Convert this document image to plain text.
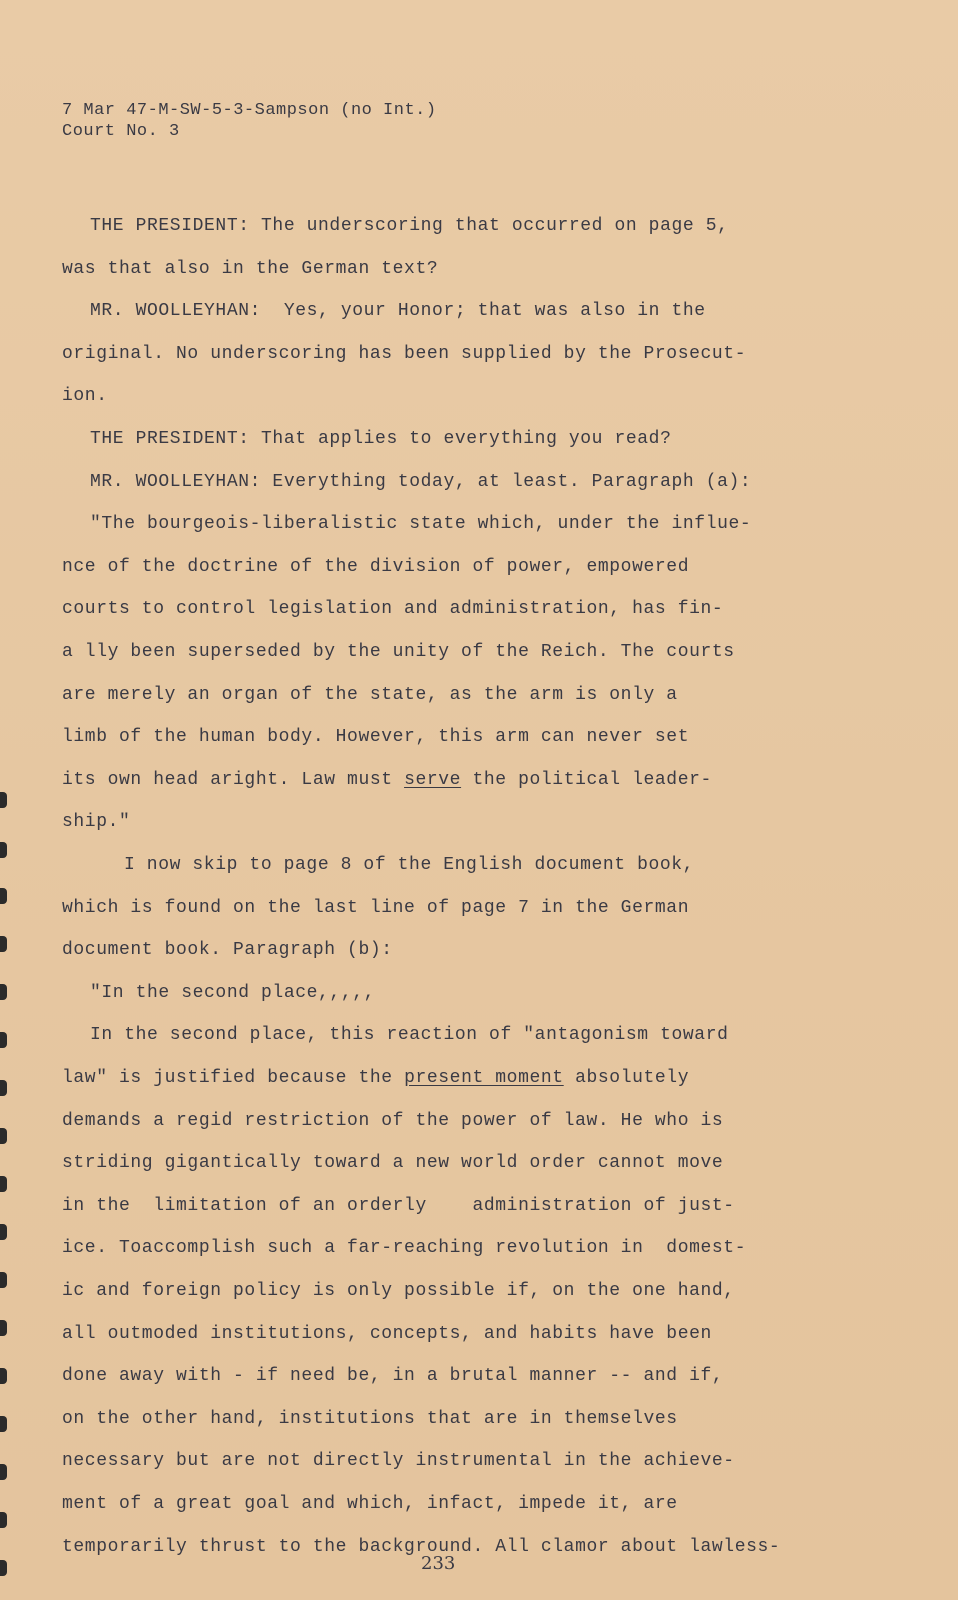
7 Mar 47-M-SW-5-3-Sampson (no Int.)
Court No. 3
THE PRESIDENT: The underscoring that occurred on page 5,
was that also in the German text?
MR. WOOLLEYHAN:  Yes, your Honor; that was also in the
original. No underscoring has been supplied by the Prosecut-
ion.
THE PRESIDENT: That applies to everything you read?
MR. WOOLLEYHAN: Everything today, at least. Paragraph (a):
"The bourgeois-liberalistic state which, under the influe-
nce of the doctrine of the division of power, empowered
courts to control legislation and administration, has fin-
a lly been superseded by the unity of the Reich. The courts
are merely an organ of the state, as the arm is only a
limb of the human body. However, this arm can never set
its own head aright. Law must serve the political leader-
ship."
I now skip to page 8 of the English document book,
which is found on the last line of page 7 in the German
document book. Paragraph (b):
"In the second place,,,,,
In the second place, this reaction of "antagonism toward
law" is justified because the present moment absolutely
demands a regid restriction of the power of law. He who is
striding gigantically toward a new world order cannot move
in the  limitation of an orderly    administration of just-
ice. Toaccomplish such a far-reaching revolution in  domest-
ic and foreign policy is only possible if, on the one hand,
all outmoded institutions, concepts, and habits have been
done away with - if need be, in a brutal manner -- and if,
on the other hand, institutions that are in themselves
necessary but are not directly instrumental in the achieve-
ment of a great goal and which, infact, impede it, are
temporarily thrust to the background. All clamor about lawless-
233
